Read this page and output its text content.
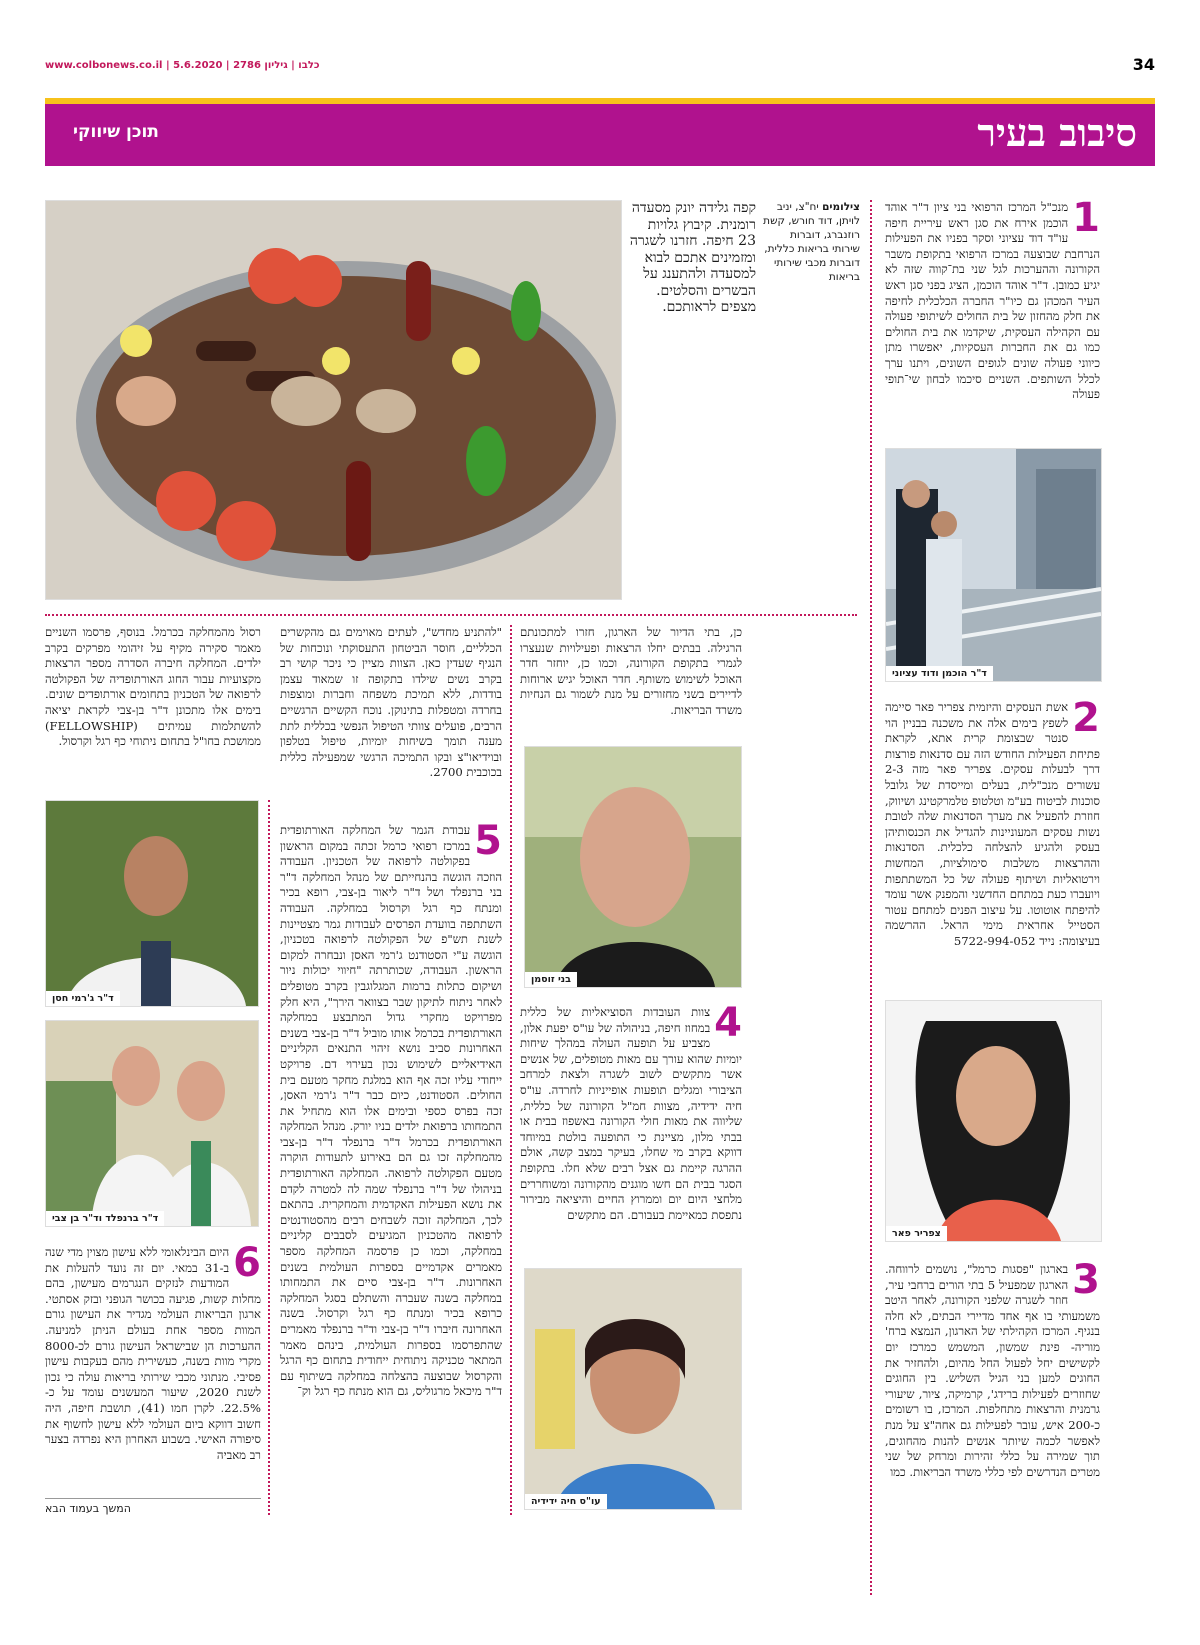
www.colbonews.co.il | כלבו | גיליון 2786 | 5.6.2020	34
סיבוב בעיר
תוכן שיווקי
1
מנכ"ל המרכז הרפואי בני ציון ד"ר אוהד הוכמן אירח את סגן ראש עיריית חיפה עו"ד דוד עציוני וסקר בפניו את הפעילות הנרחבת שבוצעה במרכז הרפואי בתקופת משבר הקורונה וההערכות לגל שני בת־קווה שזה לא יגיע כמובן. ד"ר אוהד הוכמן, הציג בפני סגן ראש העיר המכהן גם כיו"ר החברה הכלכלית לחיפה את חלק מהחזון של בית החולים לשיתופי פעולה עם הקהילה העסקית, שיקדמו את בית החולים כמו גם את החברות העסקיות, יאפשרו מתן כיווני פעולה שונים לגופים השונים, ויתנו ערך לכלל השותפים. השניים סיכמו לבחון שי־תופי פעולה
ד"ר הוכמן ודוד עציוני
2
אשת העסקים והיזמית צפריר פאר סיימה לשפץ בימים אלה את משכנה בבניין הוי סנטר שבצומת קרית אתא, לקראת פתיחת הפעילות החודש הזה עם סדנאות פורצות דרך לבעלות עסקים. צפריר פאר מזה 2-3 עשורים מנכ"לית, בעלים ומייסדת של גלובל סוכנות לביטוח בע"מ וטלטופ טלמרקטינג ושיווק, חוזרת להפעיל את מערך הסדנאות שלה לטובת נשות עסקים המעוניינות להגדיל את הכנסותיהן בעסק ולהגיע להצלחה כלכלית. הסדנאות וההרצאות משלבות סימולציות, המחשות וירטואליות ושיתוף פעולה של כל המשתתפות ויועברו כעת במתחם החדשני והמפנק אשר עומד להיפתח אוטוטו. על עיצוב הפנים למתחם עטור הסטייל אחראית מימי הראל. ההרשמה בעיצומה: נייד 5722-994-052
צפריר פאר
3
בארגון "פסגות כרמל", נושמים לרווחה. הארגון שמפעיל 5 בתי הורים ברחבי עיר, חוזר לשגרה שלפני הקורונה, לאחר היטב משמעותי בו אף אחד מדיירי הבתים, לא חלה בנגיף. המרכז הקהילתי של הארגון, הנמצא ברח' מוריה- פינת שמשון, המשמש כמרכז יום לקשישים יחל לפעול החל מהיום, ולהחזיר את החוגים למען בני הגיל השליש. בין החוגים שחוזרים לפעילות ברידג', קרמיקה, ציור, שיעורי גרמנית והרצאות מתחלפות. המרכז, בו רשומים כ-200 איש, עובר לפעילות גם אחה"צ על מנת לאפשר לכמה שיותר אנשים להנות מהחוגים, תוך שמירה על כללי זהירות ומרחק של שני מטרים הנדרשים לפי כללי משרד הבריאות. כמו
צילומים יח"צ, יניב לויתן, דוד חורש, קשת רוזנברג, דוברות שירותי בריאות כללית, דוברות מכבי שירותי בריאות
קפה גלידה יונק מסעדה רומנית. קיבוץ גלויות 23 חיפה. חזרנו לשגרה ומזמינים אתכם לבוא למסעדה ולהתענג על הבשרים והסלטים. מצפים לראותכם.
כן, בתי הדיור של הארגון, חזרו למתכונתם הרגילה. בבתים יחלו הרצאות ופעילויות שנעצרו לגמרי בתקופת הקורונה, וכמו כן, יוחזר חדר האוכל לשימוש משותף. חדר האוכל יגיש ארוחות לדיירים בשני מחזורים על מנת לשמור גם הנחיות משרד הבריאות.
בני זוסמן
4
צוות העובדות הסוציאליות של כללית במחוז חיפה, בניהולה של עו"ס יפעת אלון, מצביע על תופעה העולה במהלך שיחות יומיות שהוא עורך עם מאות מטופלים, של אנשים אשר מתקשים לשוב לשגרה ולצאת למרחב הציבורי ומגלים תופעות אופייניות לחרדה. עו"ס חיה ידידיה, מצוות חמ"ל הקורונה של כללית, שליווה את מאות חולי הקורונה באשפוז בבית או בבתי מלון, מציינת כי התופעה בולטת במיוחד דווקא בקרב מי שחלו, בעיקר במצב קשה, אולם ההרגה קיימת גם אצל רבים שלא חלו. בתקופת הסגר בבית הם חשו מוגנים מהקורונה ומשוחררים מלחצי היום יום וממרוץ החיים והיציאה מבירור נתפסת כמאיימת בעבורם. הם מתקשים
עו"ס חיה ידידיה
"להתניע מחדש", לעתים מאוימים גם מהקשרים הכלליים, חוסר הביטחון התעסוקתי ונוכחות של הנגיף שעדין כאן. הצוות מציין כי ניכר קושי רב בקרב נשים שילדו בתקופה זו שמאוד עצמן בודדות, ללא תמיכת משפחה וחברות ומוצפות בחרדה ומטפלות בתינוקן. נוכח הקשיים הרגשיים הרבים, פועלים צוותי הטיפול הנפשי בכללית לתת מענה תומך בשיחות יומיות, טיפול בטלפון ובוידיאו"צ ובקו התמיכה הרגשי שמפעילה כללית בכוכבית 2700.
5
עבודת הגמר של המחלקה האורתופדית במרכז רפואי כרמל זכתה במקום הראשון בפקולטה לרפואה של הטכניון. העבודה הוזכה הוגשה בהנחייתם של מנהל המחלקה ד"ר בני ברנפלד ושל ד"ר ליאור בן-צבי, רופא בכיר ומנתח כף רגל וקרסול במחלקה. העבודה השתתפה בוועדת הפרסים לעבודות גמר מצטיינות לשנת תש"פ של הפקולטה לרפואה בטכניון, הוגשה ע"י הסטודנט ג'רמי האסן ונבחרה למקום הראשון. העבודה, שכותרתה "חיווי יכולות ניור ושיקום כתלות ברמות המגלוגבין בקרב מטופלים לאחר ניתוח לתיקון שבר בצוואר הירך", היא חלק מפרויקט מחקרי גדול המתבצע במחלקה האורתופדית בכרמל אותו מוביל ד"ר בן-צבי בשנים האחרונות סביב נושא זיהוי התנאים הקליניים האידיאליים לשימוש נכון בעירוי דם. פרויקט ייחודי עליו זכה אף הוא במלגת מחקר מטעם בית החולים. הסטודנט, כיום כבר ד"ר ג'רמי האסן, זכה בפרס כספי ובימים אלו הוא מתחיל את התמחותו ברפואת ילדים בניו יורק. מנהל המחלקה האורתופדית בכרמל ד"ר ברנפלד ד"ר בן-צבי מהמחלקה זכו גם הם באירוע לתעודות הוקרה מטעם הפקולטה לרפואה. המחלקה האורתופדית בניהולו של ד"ר ברנפלד שמה לה למטרה לקדם את נושא הפעילות האקדמית והמחקרית. בהתאם לכך, המחלקה זוכה לשבחים רבים מהסטודנטים לרפואה מהטכניון המגיעים לסבבים קליניים במחלקה, וכמו כן פרסמה המחלקה מספר מאמרים אקדמיים בספרות העולמית בשנים האחרונות. ד"ר בן-צבי סיים את התמחותו במחלקה בשנה שעברה והשתלם בסגל המחלקה כרופא בכיר ומנתח כף רגל וקרסול. בשנה האחרונה חיברו ד"ר בן-צבי וד"ר ברנפלד מאמרים שהתפרסמו בספרות העולמית, בינהם מאמר המתאר טכניקה ניתוחית ייחודית בתחום כף הרגל והקרסול שבוצעה בהצלחה במחלקה בשיתוף עם ד"ר מיכאל מרגוליס, גם הוא מנתח כף רגל וק־
רסול מהמחלקה בכרמל. בנוסף, פרסמו השניים מאמר סקירה מקיף על זיהומי מפרקים בקרב ילדים. המחלקה חיברה הסדרה מספר הרצאות מקצועיות עבור החוג האורתופדיה של הפקולטה לרפואה של הטכניון בתחומים אורתופדים שונים. בימים אלו מתכונן ד"ר בן-צבי לקראת יציאה להשתלמות עמיתים (FELLOWSHIP) ממושכת בחו"ל בתחום ניתוחי כף רגל וקרסול.
ד"ר ג'רמי חסן
ד"ר ברנפלד וד"ר בן צבי
6
היום הבינלאומי ללא עישון מצוין מדי שנה ב-31 במאי. יום זה נועד להעלות את המודעות לנזקים הנגרמים מעישון, בהם מחלות קשות, פגיעה בכושר הגופני ובזק אסתטי. ארגון הבריאות העולמי מגדיר את העישון גורם המוות מספר אחת בעולם הניתן למניעה. ההערכות הן שבישראל העישון גורם לכ-8000 מקרי מוות בשנה, כעשירית מהם בעקבות עישון פסיבי. מנתוני מכבי שירותי בריאות עולה כי נכון לשנת 2020, שיעור המעשנים עומד על כ- 22.5%. לקרן חמו (41), תושבת חיפה, היה חשוב דווקא ביום העולמי ללא עישון לחשוף את סיפורה האישי. בשבוע האחרון היא נפרדה בצער רב מאביה
המשך בעמוד הבא
